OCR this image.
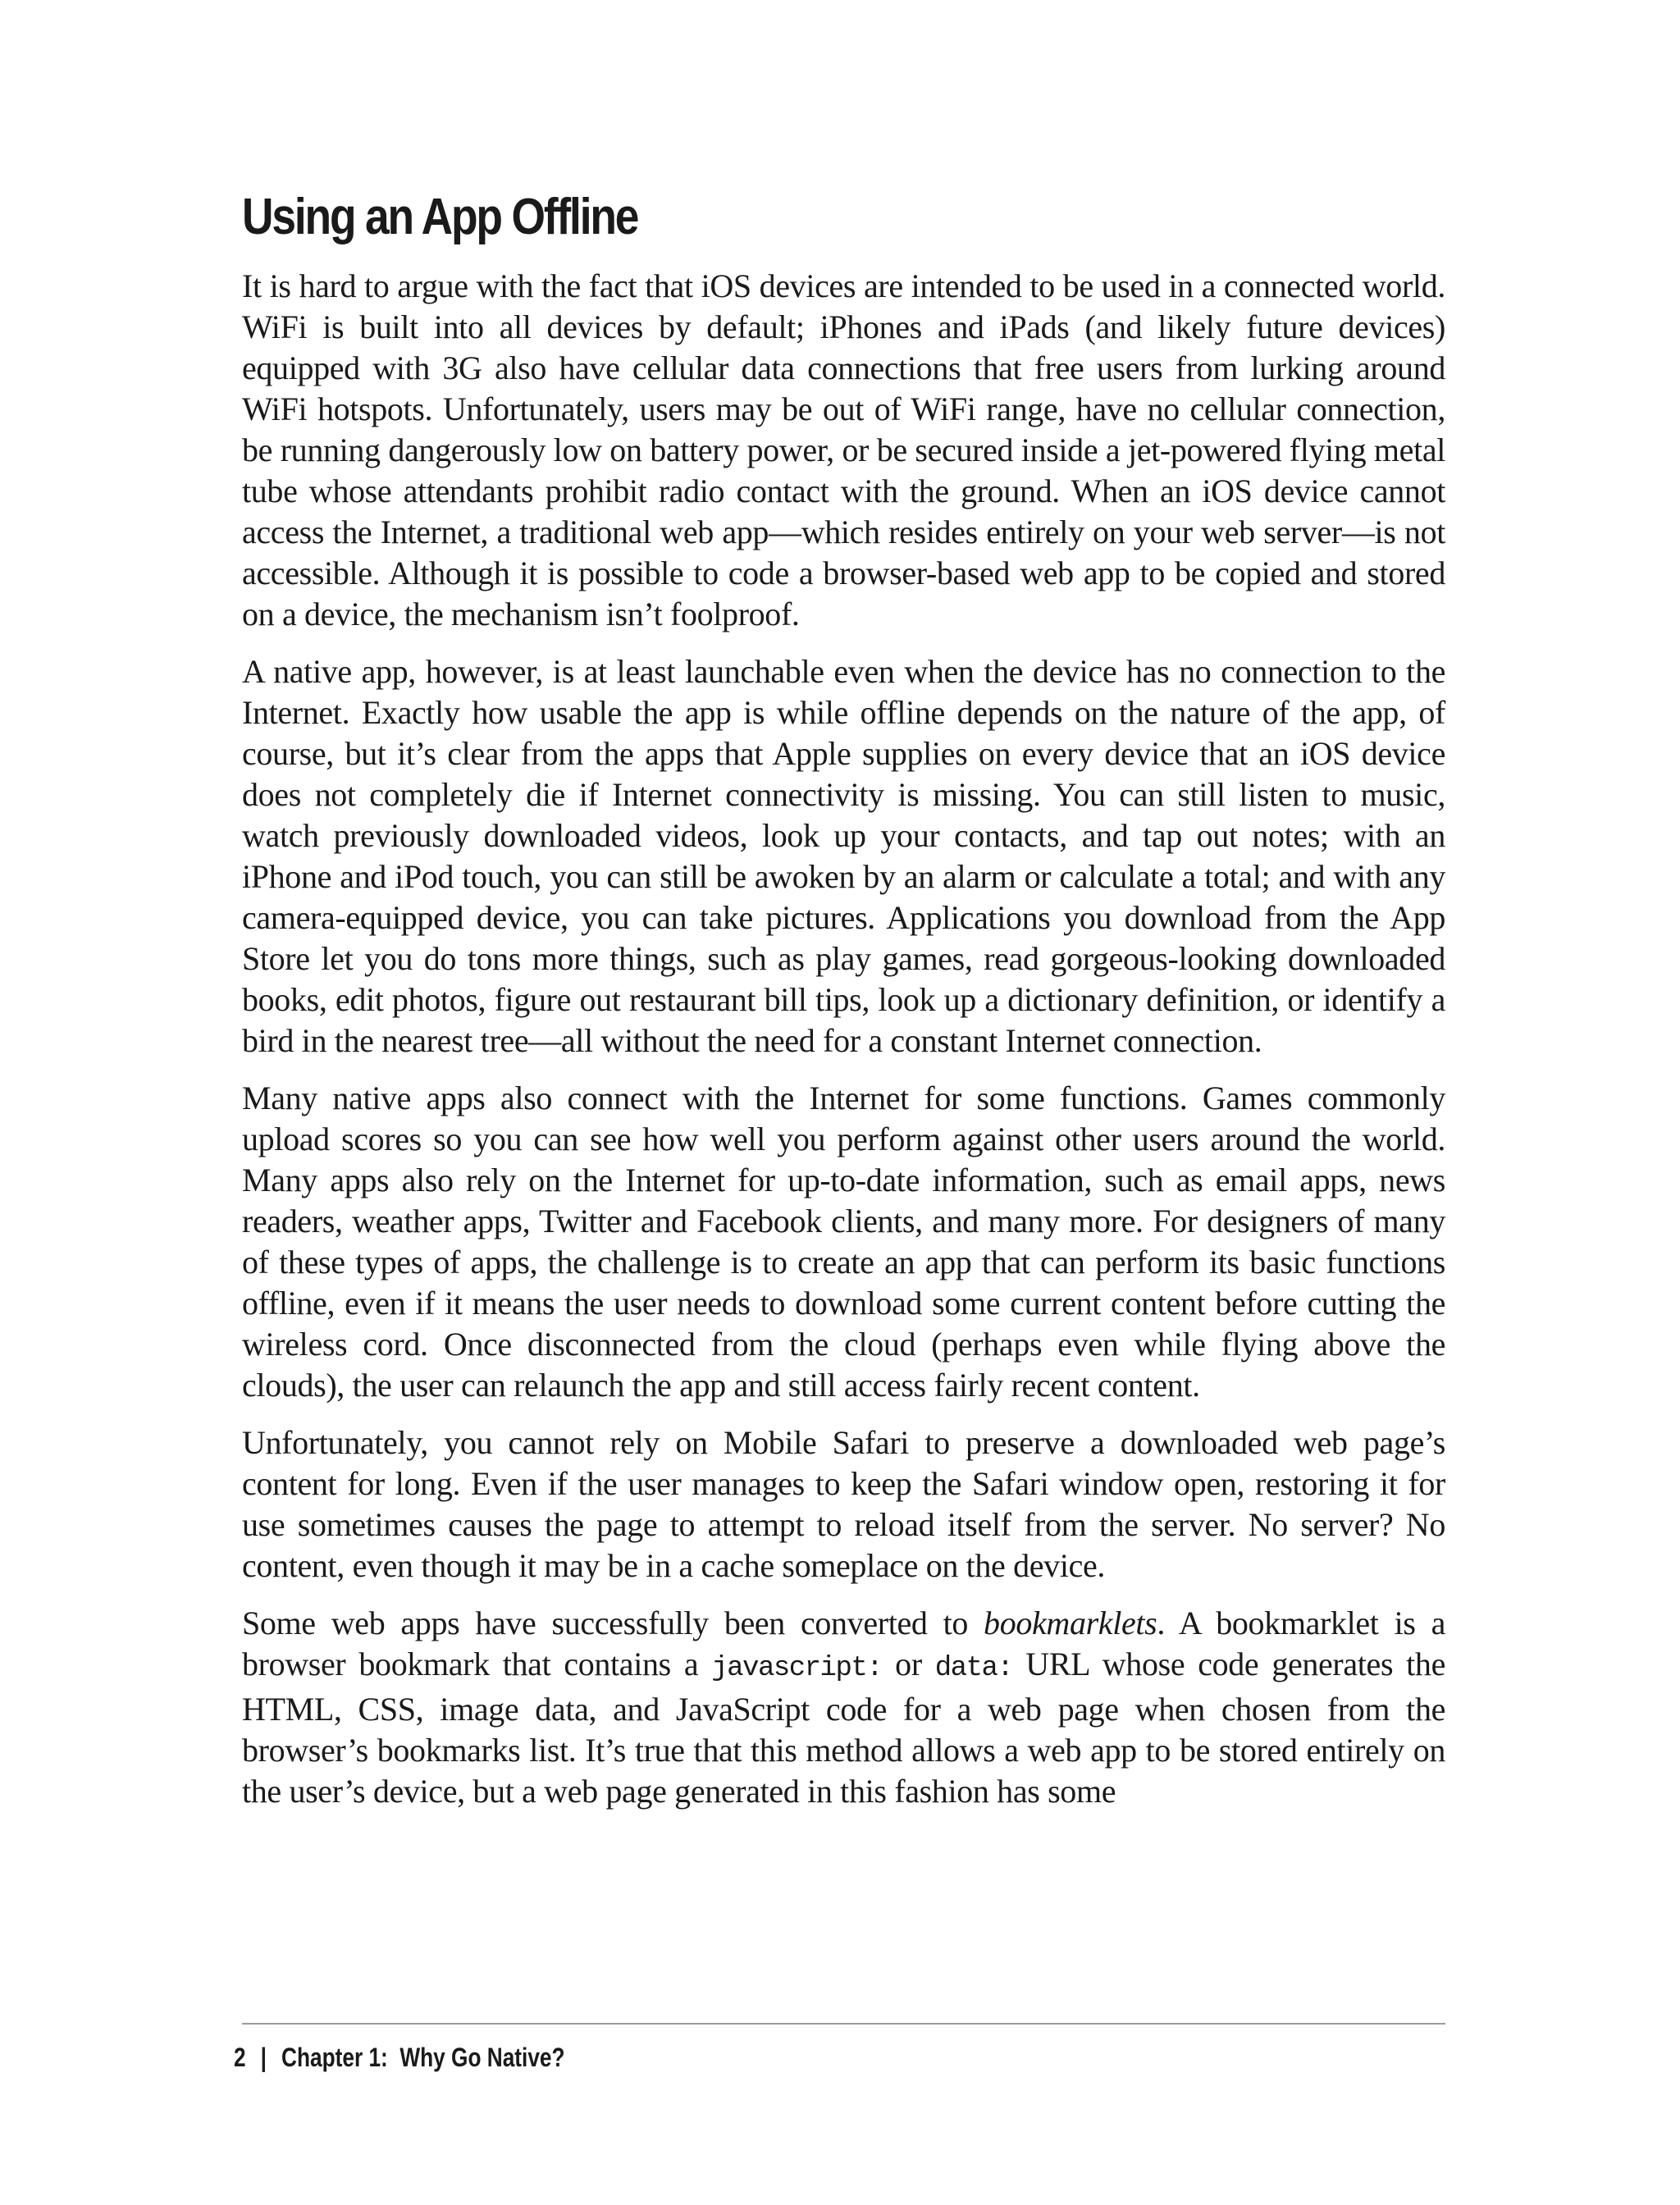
Using an App Offline

It is hard to argue with the fact that iOS devices are intended to be used in a connected world. WiFi is built into all devices by default; iPhones and iPads (and likely future devices) equipped with 3G also have cellular data connections that free users from lurking around WiFi hotspots. Unfortunately, users may be out of WiFi range, have no cellular connection, be running dangerously low on battery power, or be secured inside a jet-powered flying metal tube whose attendants prohibit radio contact with the ground. When an iOS device cannot access the Internet, a traditional web app—which resides entirely on your web server—is not accessible. Although it is possible to code a browser-based web app to be copied and stored on a device, the mechanism isn’t foolproof.

A native app, however, is at least launchable even when the device has no connection to the Internet. Exactly how usable the app is while offline depends on the nature of the app, of course, but it’s clear from the apps that Apple supplies on every device that an iOS device does not completely die if Internet connectivity is missing. You can still listen to music, watch previously downloaded videos, look up your contacts, and tap out notes; with an iPhone and iPod touch, you can still be awoken by an alarm or calculate a total; and with any camera-equipped device, you can take pictures. Applications you download from the App Store let you do tons more things, such as play games, read gorgeous-looking downloaded books, edit photos, figure out restaurant bill tips, look up a dictionary definition, or identify a bird in the nearest tree—all without the need for a constant Internet connection.

Many native apps also connect with the Internet for some functions. Games commonly upload scores so you can see how well you perform against other users around the world. Many apps also rely on the Internet for up-to-date information, such as email apps, news readers, weather apps, Twitter and Facebook clients, and many more. For designers of many of these types of apps, the challenge is to create an app that can perform its basic functions offline, even if it means the user needs to download some current content before cutting the wireless cord. Once disconnected from the cloud (perhaps even while flying above the clouds), the user can relaunch the app and still access fairly recent content.

Unfortunately, you cannot rely on Mobile Safari to preserve a downloaded web page’s content for long. Even if the user manages to keep the Safari window open, restoring it for use sometimes causes the page to attempt to reload itself from the server. No server? No content, even though it may be in a cache someplace on the device.

Some web apps have successfully been converted to bookmarklets. A bookmarklet is a browser bookmark that contains a javascript: or data: URL whose code generates the HTML, CSS, image data, and JavaScript code for a web page when chosen from the browser’s bookmarks list. It’s true that this method allows a web app to be stored entirely on the user’s device, but a web page generated in this fashion has some

2 | Chapter 1:  Why Go Native?
